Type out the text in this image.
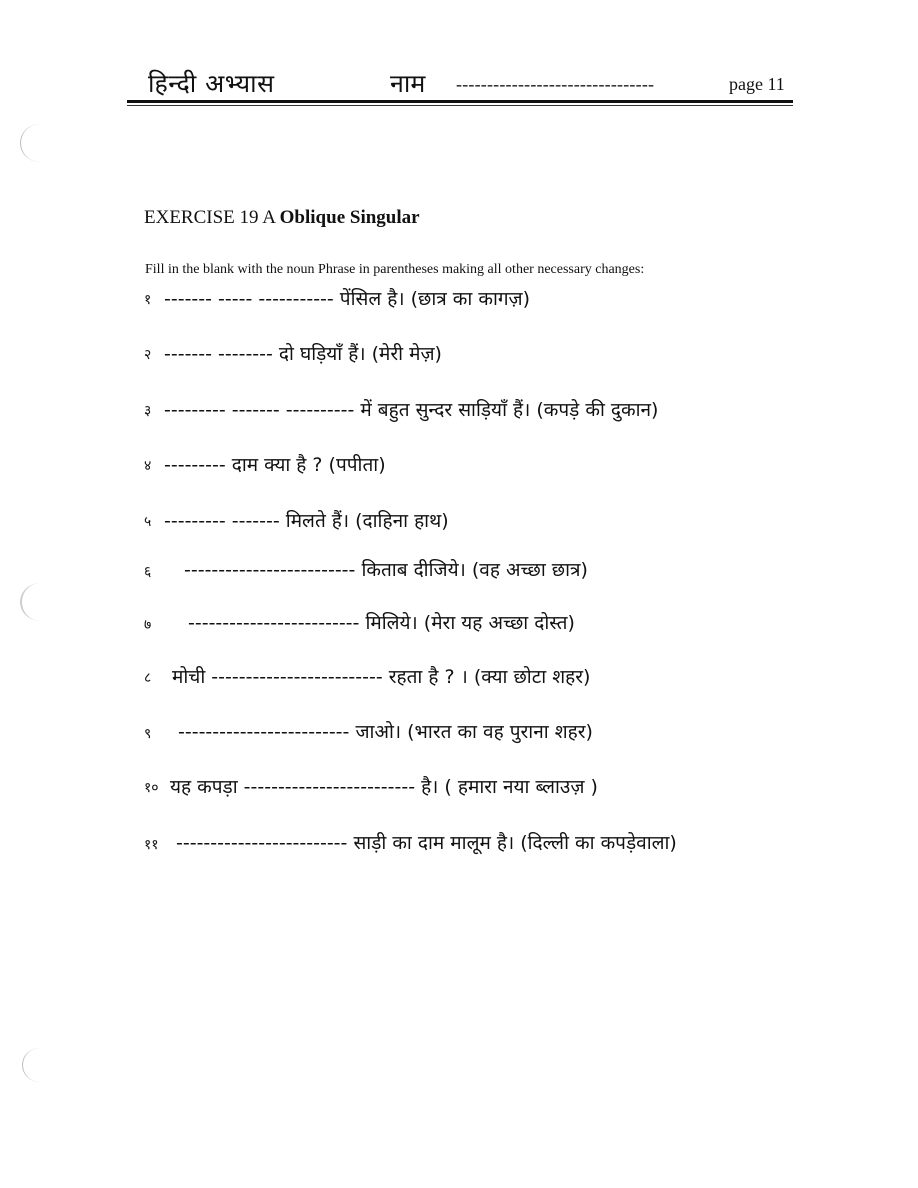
हिन्दी अभ्यास	नाम --------------------------------	page 11
EXERCISE 19 A Oblique Singular
Fill in the blank with the noun Phrase in parentheses making all other necessary changes:
१ ------- ----- ----------- पेंसिल है। (छात्र का कागज़)
२ ------- -------- दो घड़ियाँ हैं। (मेरी मेज़)
३ --------- ------- ---------- में बहुत सुन्दर साड़ियाँ हैं। (कपड़े की दुकान)
४ --------- दाम क्या है ? (पपीता)
५ --------- ------- मिलते हैं। (दाहिना हाथ)
६ ------------------------- किताब दीजिये। (वह अच्छा छात्र)
७ ------------------------- मिलिये। (मेरा यह अच्छा दोस्त)
८ मोची ------------------------- रहता है ? । (क्या छोटा शहर)
९ ------------------------- जाओ। (भारत का वह पुराना शहर)
१० यह कपड़ा ------------------------- है। ( हमारा नया ब्लाउज़ )
११ ------------------------- साड़ी का दाम मालूम है। (दिल्ली का कपड़ेवाला)
